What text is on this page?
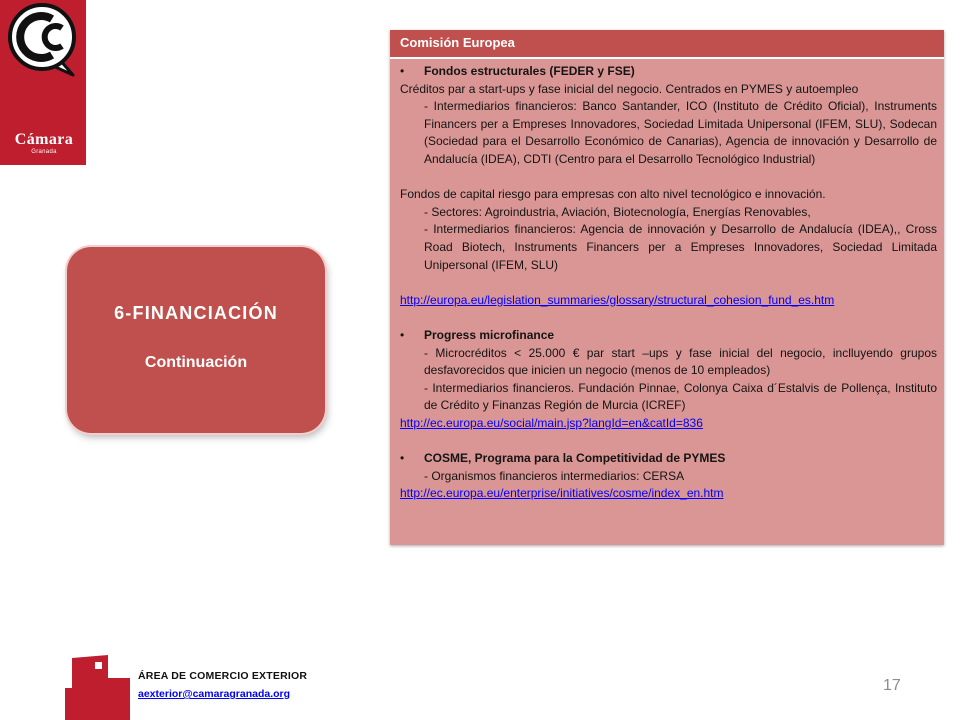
Cámara
Granada
6-FINANCIACIÓN
Continuación
Comisión Europea
•	Fondos estructurales (FEDER y FSE)
Créditos par a start-ups y fase inicial del negocio. Centrados en PYMES y autoempleo
- Intermediarios financieros: Banco Santander, ICO (Instituto de Crédito Oficial), Instruments Financers per a Empreses Innovadores, Sociedad Limitada Unipersonal (IFEM, SLU), Sodecan (Sociedad para el Desarrollo Económico de Canarias), Agencia de innovación y Desarrollo de Andalucía (IDEA), CDTI (Centro para el Desarrollo Tecnológico Industrial)
Fondos de capital riesgo para empresas con alto nivel tecnológico e innovación.
- Sectores: Agroindustria, Aviación, Biotecnología, Energías Renovables,
- Intermediarios financieros: Agencia de innovación y Desarrollo de Andalucía (IDEA),, Cross Road Biotech, Instruments Financers per a Empreses Innovadores, Sociedad Limitada Unipersonal (IFEM, SLU)
http://europa.eu/legislation_summaries/glossary/structural_cohesion_fund_es.htm
•	Progress microfinance
- Microcréditos < 25.000 € par start –ups y fase inicial del negocio, inclluyendo grupos desfavorecidos que inicien un negocio (menos de 10 empleados)
- Intermediarios financieros. Fundación Pinnae, Colonya Caixa d´Estalvis de Pollença, Instituto de Crédito y Finanzas Región de Murcia (ICREF)
http://ec.europa.eu/social/main.jsp?langId=en&catId=836
•	COSME, Programa para la Competitividad de PYMES
- Organismos financieros intermediarios: CERSA
http://ec.europa.eu/enterprise/initiatives/cosme/index_en.htm
ÁREA DE COMERCIO EXTERIOR
aexterior@camaragranada.org	17
